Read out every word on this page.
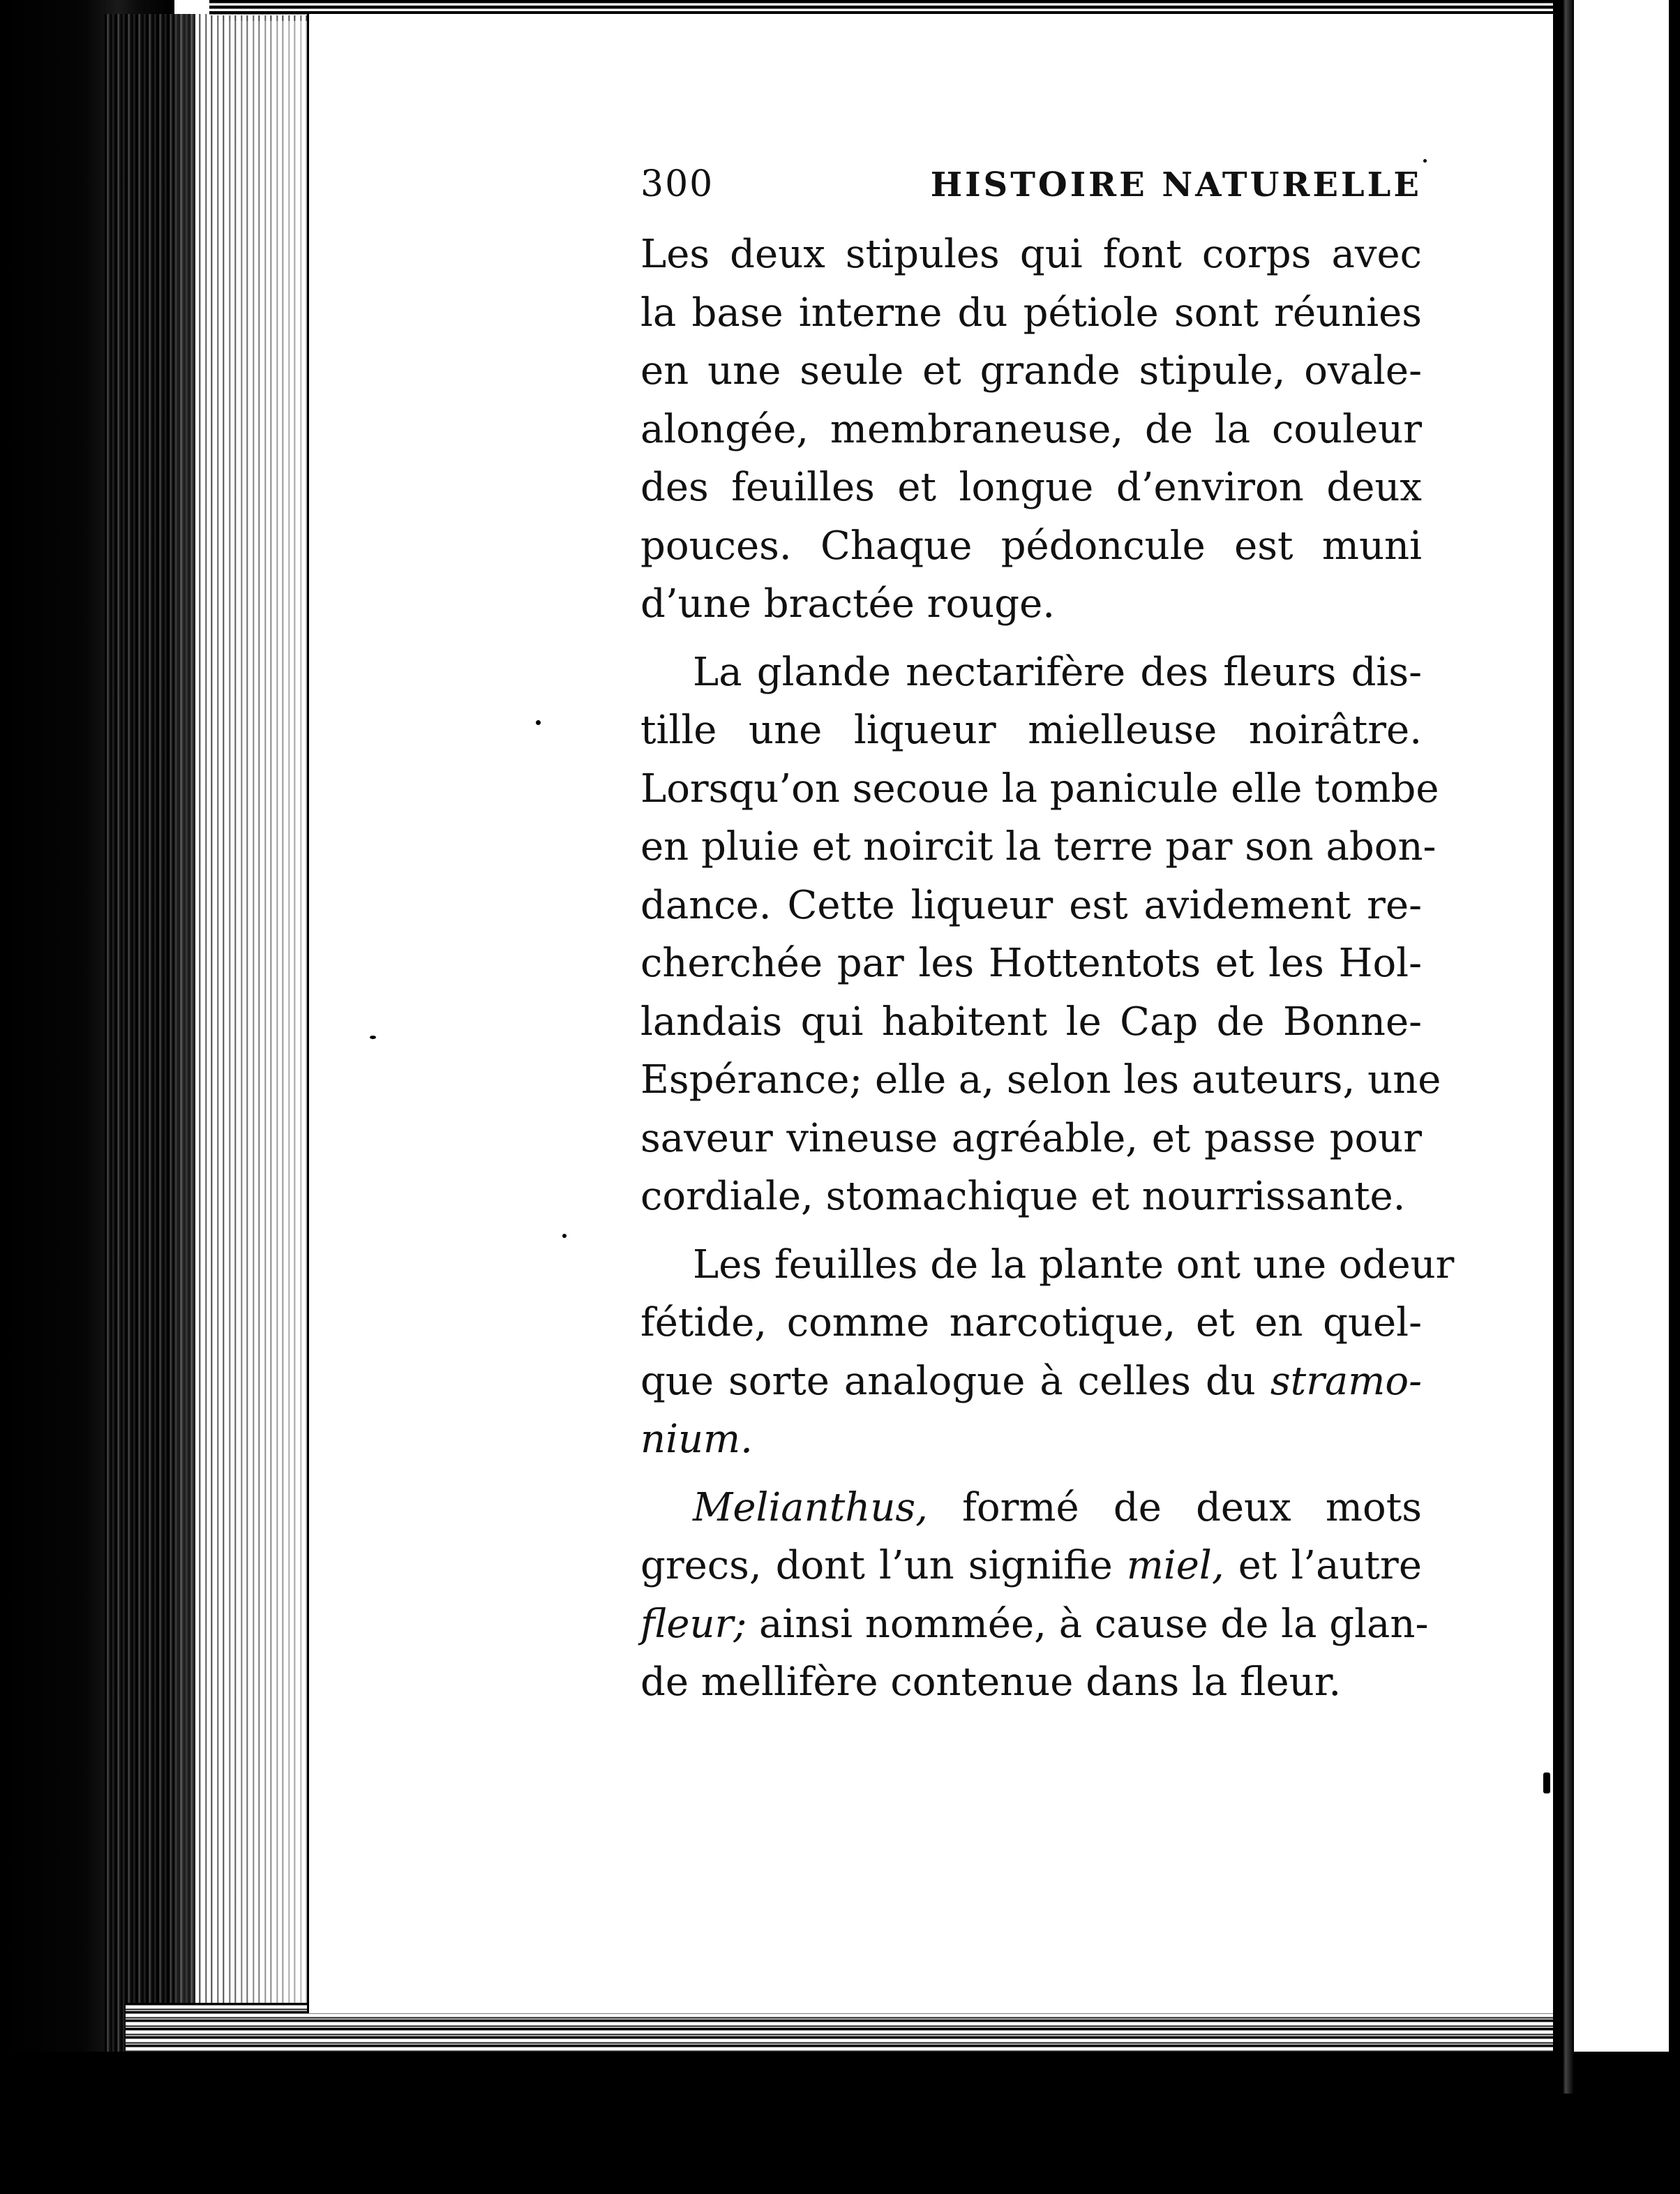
300	HISTOIRE NATURELLE
Les deux stipules qui font corps avec
la base interne du pétiole sont réunies
en une seule et grande stipule, ovale-
alongée, membraneuse, de la couleur
des feuilles et longue d’environ deux
pouces. Chaque pédoncule est muni
d’une bractée rouge.
La glande nectarifère des fleurs dis-
tille une liqueur mielleuse noirâtre.
Lorsqu’on secoue la panicule elle tombe
en pluie et noircit la terre par son abon-
dance. Cette liqueur est avidement re-
cherchée par les Hottentots et les Hol-
landais qui habitent le Cap de Bonne-
Espérance; elle a, selon les auteurs, une
saveur vineuse agréable, et passe pour
cordiale, stomachique et nourrissante.
Les feuilles de la plante ont une odeur
fétide, comme narcotique, et en quel-
que sorte analogue à celles du stramo-
nium.
Melianthus, formé de deux mots
grecs, dont l’un signifie miel, et l’autre
fleur; ainsi nommée, à cause de la glan-
de mellifère contenue dans la fleur.
